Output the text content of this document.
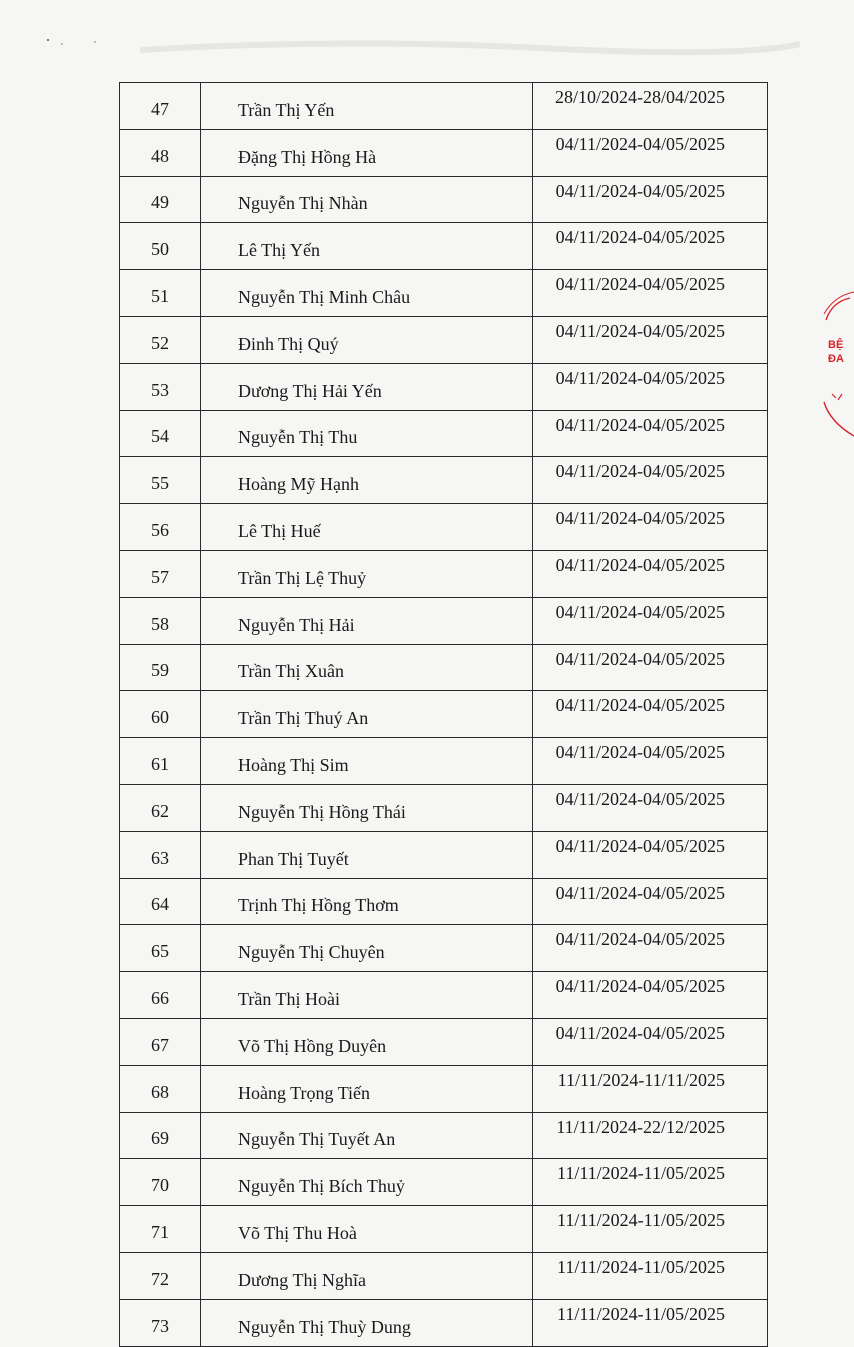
BỆ
ĐA
47	Trần Thị Yến	28/10/2024-28/04/2025
48	Đặng Thị Hồng Hà	04/11/2024-04/05/2025
49	Nguyễn Thị Nhàn	04/11/2024-04/05/2025
50	Lê Thị Yến	04/11/2024-04/05/2025
51	Nguyễn Thị Minh Châu	04/11/2024-04/05/2025
52	Đinh Thị Quý	04/11/2024-04/05/2025
53	Dương Thị Hải Yến	04/11/2024-04/05/2025
54	Nguyễn Thị Thu	04/11/2024-04/05/2025
55	Hoàng Mỹ Hạnh	04/11/2024-04/05/2025
56	Lê Thị Huế	04/11/2024-04/05/2025
57	Trần Thị Lệ Thuỷ	04/11/2024-04/05/2025
58	Nguyễn Thị Hải	04/11/2024-04/05/2025
59	Trần Thị Xuân	04/11/2024-04/05/2025
60	Trần Thị Thuý An	04/11/2024-04/05/2025
61	Hoàng Thị Sim	04/11/2024-04/05/2025
62	Nguyễn Thị Hồng Thái	04/11/2024-04/05/2025
63	Phan Thị Tuyết	04/11/2024-04/05/2025
64	Trịnh Thị Hồng Thơm	04/11/2024-04/05/2025
65	Nguyễn Thị Chuyên	04/11/2024-04/05/2025
66	Trần Thị Hoài	04/11/2024-04/05/2025
67	Võ Thị Hồng Duyên	04/11/2024-04/05/2025
68	Hoàng Trọng Tiến	11/11/2024-11/11/2025
69	Nguyễn Thị Tuyết An	11/11/2024-22/12/2025
70	Nguyễn Thị Bích Thuỷ	11/11/2024-11/05/2025
71	Võ Thị Thu Hoà	11/11/2024-11/05/2025
72	Dương Thị Nghĩa	11/11/2024-11/05/2025
73	Nguyễn Thị Thuỳ Dung	11/11/2024-11/05/2025
